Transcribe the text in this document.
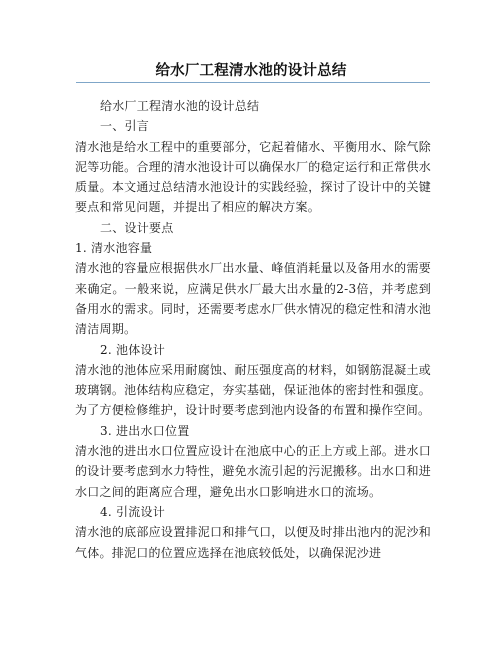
给水厂工程清水池的设计总结

给水厂工程清水池的设计总结

一、引言

清水池是给水工程中的重要部分，它起着储水、平衡用水、除气除泥等功能。合理的清水池设计可以确保水厂的稳定运行和正常供水质量。本文通过总结清水池设计的实践经验，探讨了设计中的关键要点和常见问题，并提出了相应的解决方案。

二、设计要点

1. 清水池容量

清水池的容量应根据供水厂出水量、峰值消耗量以及备用水的需要来确定。一般来说，应满足供水厂最大出水量的2-3倍，并考虑到备用水的需求。同时，还需要考虑水厂供水情况的稳定性和清水池清洁周期。

2. 池体设计

清水池的池体应采用耐腐蚀、耐压强度高的材料，如钢筋混凝土或玻璃钢。池体结构应稳定，夯实基础，保证池体的密封性和强度。为了方便检修维护，设计时要考虑到池内设备的布置和操作空间。

3. 进出水口位置

清水池的进出水口位置应设计在池底中心的正上方或上部。进水口的设计要考虑到水力特性，避免水流引起的污泥搬移。出水口和进水口之间的距离应合理，避免出水口影响进水口的流场。

4. 引流设计

清水池的底部应设置排泥口和排气口，以便及时排出池内的泥沙和气体。排泥口的位置应选择在池底较低处，以确保泥沙进
